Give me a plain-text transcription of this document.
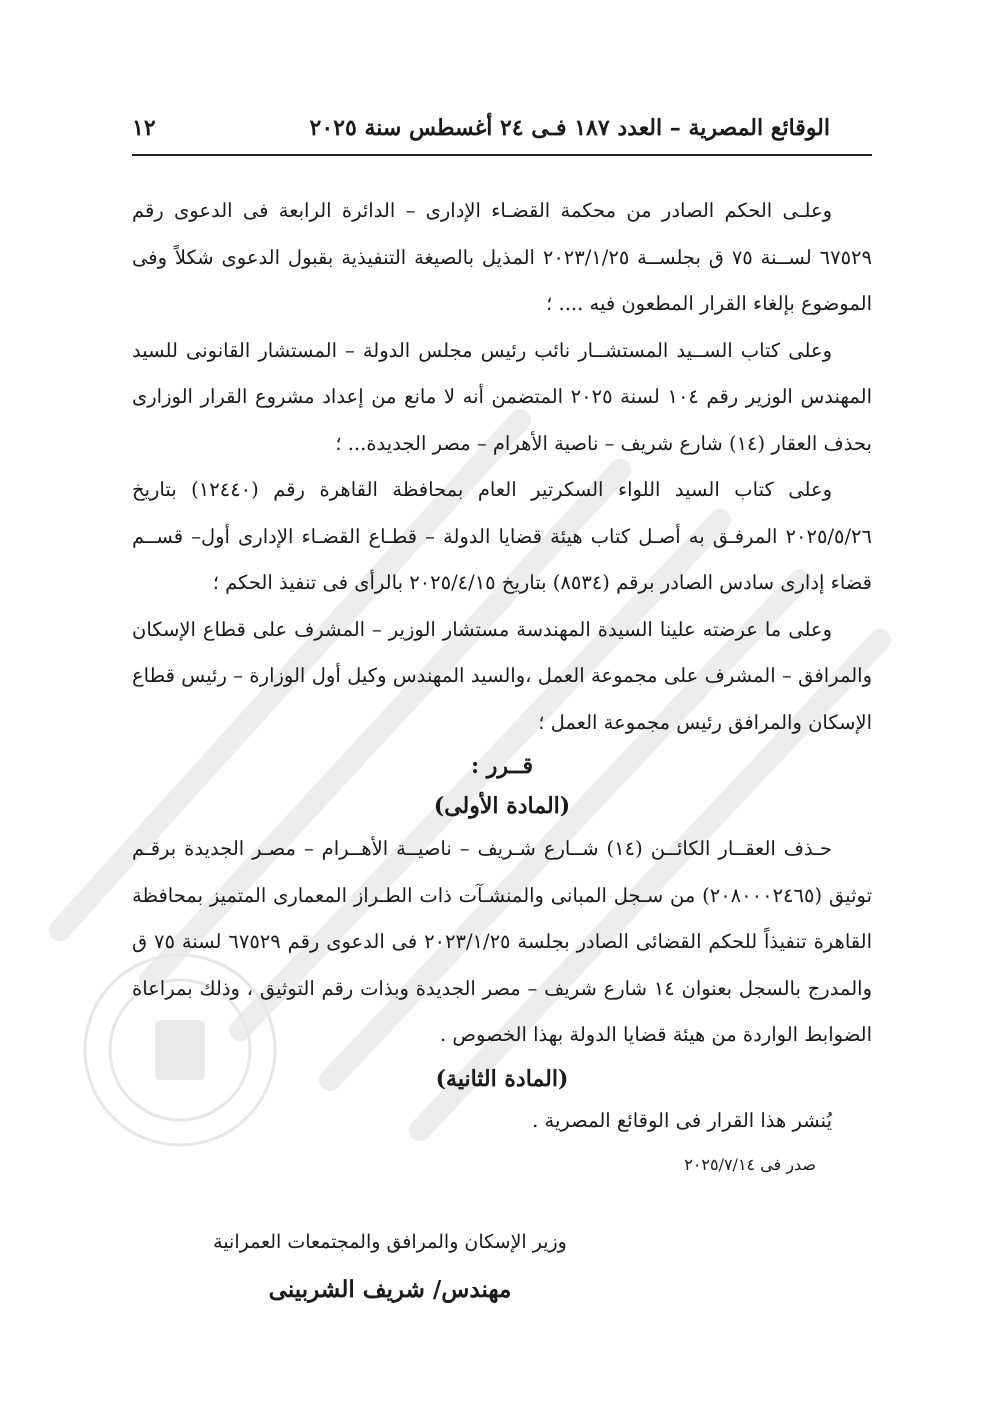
الوقائع المصرية – العدد ١٨٧ فـى ٢٤ أغسطس سنة ٢٠٢٥
١٢

وعلـى الحكم الصادر من محكمة القضـاء الإدارى – الدائرة الرابعة فى الدعوى رقم ٦٧٥٢٩ لســنة ٧٥ ق بجلســة ٢٠٢٣/١/٢٥ المذيل بالصيغة التنفيذية بقبول الدعوى شكلاً وفى الموضوع بإلغاء القرار المطعون فيه .... ؛

وعلى كتاب الســيد المستشــار نائب رئيس مجلس الدولة – المستشار القانونى للسيد المهندس الوزير رقم ١٠٤ لسنة ٢٠٢٥ المتضمن أنه لا مانع من إعداد مشروع القرار الوزارى بحذف العقار (١٤) شارع شريف – ناصية الأهرام – مصر الجديدة... ؛

وعلى كتاب السيد اللواء السكرتير العام بمحافظة القاهرة رقم (١٢٤٤٠) بتاريخ ٢٠٢٥/٥/٢٦ المرفـق به أصـل كتاب هيئة قضايا الدولة – قطـاع القضـاء الإدارى أول– قســم قضاء إدارى سادس الصادر برقم (٨٥٣٤) بتاريخ ٢٠٢٥/٤/١٥ بالرأى فى تنفيذ الحكم ؛

وعلى ما عرضته علينا السيدة المهندسة مستشار الوزير – المشرف على قطاع الإسكان والمرافق – المشرف على مجموعة العمل ،والسيد المهندس وكيل أول الوزارة – رئيس قطاع الإسكان والمرافق رئيس مجموعة العمل ؛

قــرر :

(المادة الأولى)

حـذف العقــار الكائــن (١٤) شــارع شـريف – ناصيــة الأهــرام – مصـر الجديدة برقـم توثيق (٢٠٨٠٠٠٢٤٦٥) من سـجل المبانى والمنشـآت ذات الطـراز المعمارى المتميز بمحافظة القاهرة تنفيذاً للحكم القضائى الصادر بجلسة ٢٠٢٣/١/٢٥ فى الدعوى رقم ٦٧٥٢٩ لسنة ٧٥ ق والمدرج بالسجل بعنوان ١٤ شارع شريف – مصر الجديدة وبذات رقم التوثيق ، وذلك بمراعاة الضوابط الواردة من هيئة قضايا الدولة بهذا الخصوص .

(المادة الثانية)

يُنشر هذا القرار فى الوقائع المصرية .

صدر فى ٢٠٢٥/٧/١٤

وزير الإسكان والمرافق والمجتمعات العمرانية

مهندس/ شريف الشربينى
